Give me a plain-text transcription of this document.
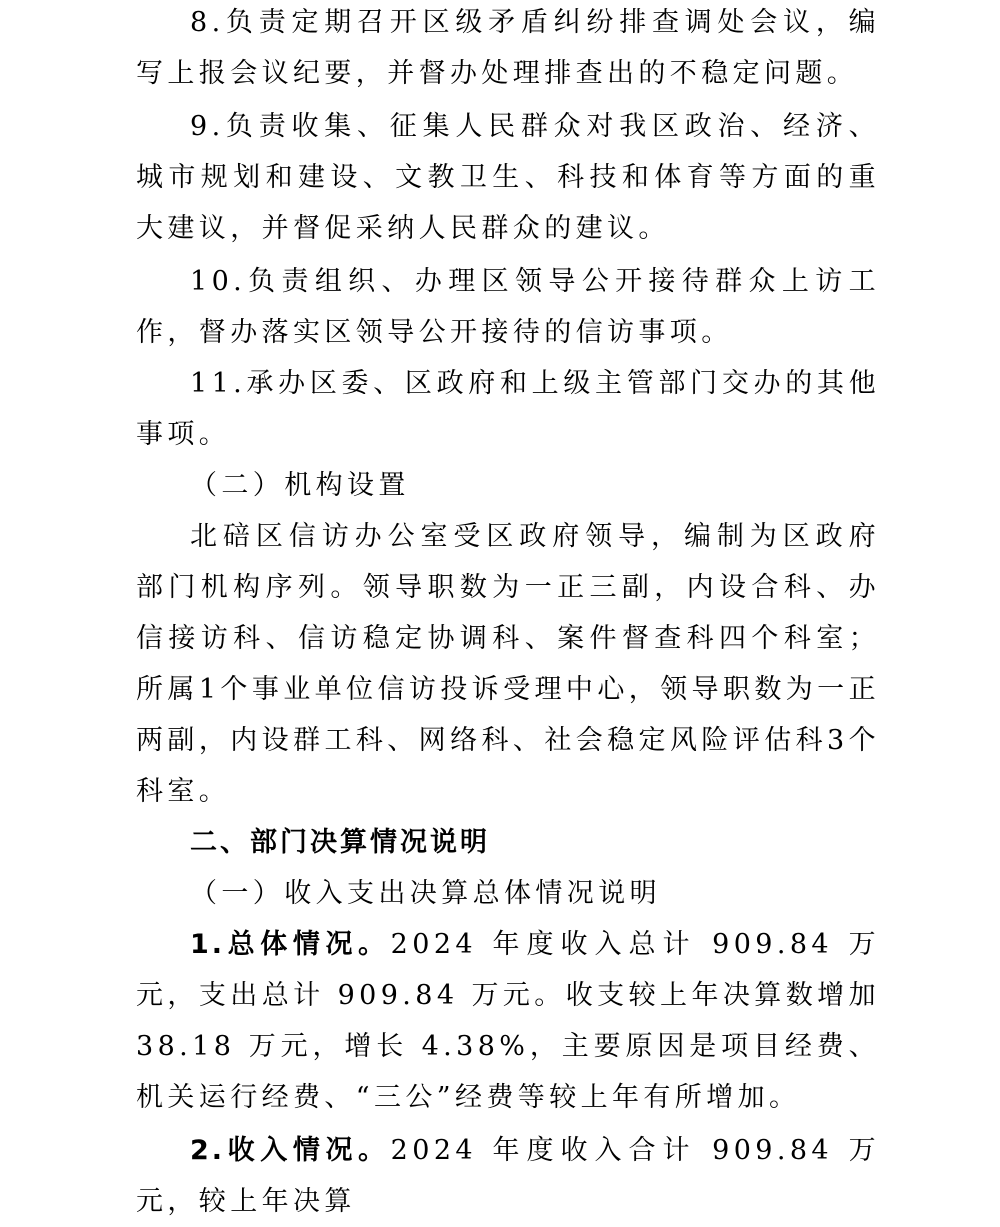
8.负责定期召开区级矛盾纠纷排查调处会议，编写上报会议纪要，并督办处理排查出的不稳定问题。

9.负责收集、征集人民群众对我区政治、经济、城市规划和建设、文教卫生、科技和体育等方面的重大建议，并督促采纳人民群众的建议。

10.负责组织、办理区领导公开接待群众上访工作，督办落实区领导公开接待的信访事项。

11.承办区委、区政府和上级主管部门交办的其他事项。

（二）机构设置

北碚区信访办公室受区政府领导，编制为区政府部门机构序列。领导职数为一正三副，内设合科、办信接访科、信访稳定协调科、案件督查科四个科室；所属1个事业单位信访投诉受理中心，领导职数为一正两副，内设群工科、网络科、社会稳定风险评估科3个科室。

二、部门决算情况说明

（一）收入支出决算总体情况说明

1.总体情况。2024 年度收入总计 909.84 万元，支出总计 909.84 万元。收支较上年决算数增加 38.18 万元，增长 4.38%，主要原因是项目经费、机关运行经费、“三公”经费等较上年有所增加。

2.收入情况。2024 年度收入合计 909.84 万元，较上年决算
